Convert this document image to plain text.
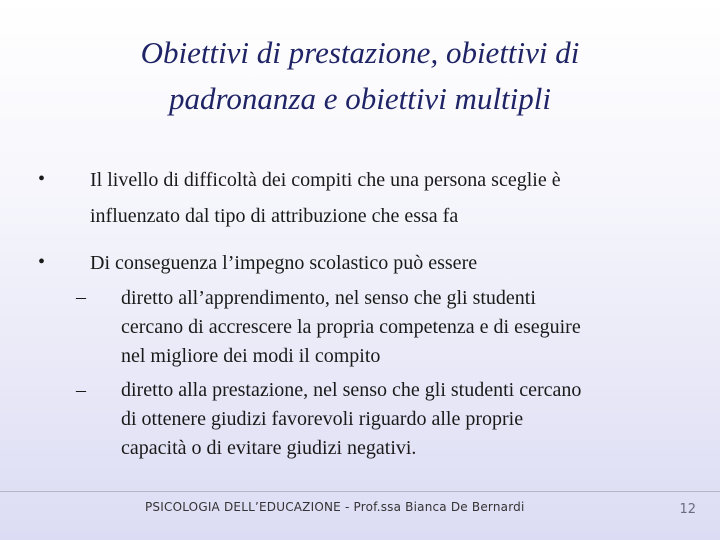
Obiettivi di prestazione, obiettivi di
padronanza e obiettivi multipli
• Il livello di difficoltà dei compiti che una persona sceglie è
influenzato dal tipo di attribuzione che essa fa
• Di conseguenza l’impegno scolastico può essere
– diretto all’apprendimento, nel senso che gli studenti
cercano di accrescere la propria competenza e di eseguire
nel migliore dei modi il compito
– diretto alla prestazione, nel senso che gli studenti cercano
di ottenere giudizi favorevoli riguardo alle proprie
capacità o di evitare giudizi negativi.
PSICOLOGIA DELL’EDUCAZIONE - Prof.ssa Bianca De Bernardi	12
